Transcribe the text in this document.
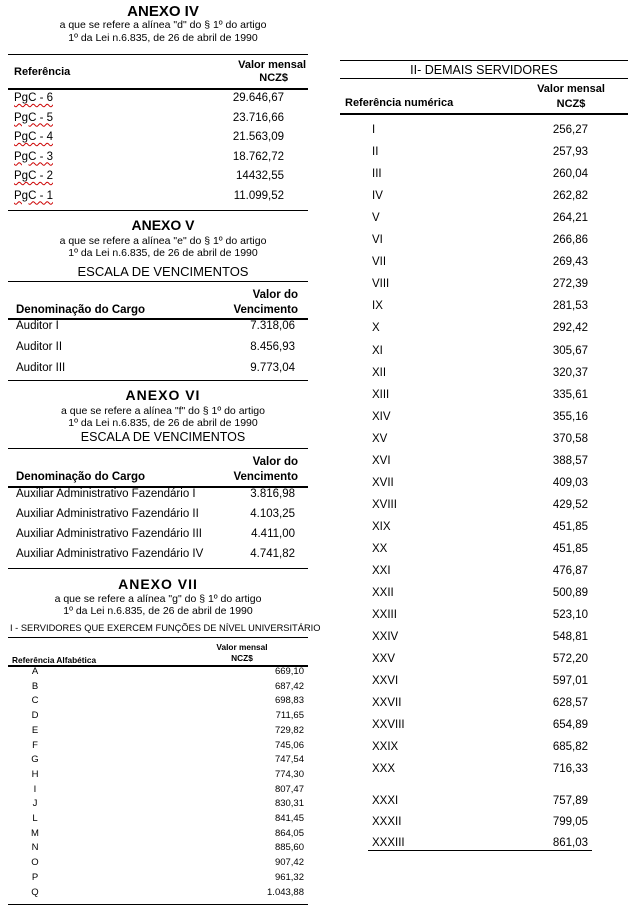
ANEXO IV
a que se refere a alínea "d" do § 1º do artigo
1º da Lei n.6.835, de 26 de abril de 1990
Referência
Valor mensal
NCZ$
PgC - 6	29.646,67
PgC - 5	23.716,66
PgC - 4	21.563,09
PgC - 3	18.762,72
PgC - 2	14432,55
PgC - 1	11.099,52
ANEXO V
a que se refere a alínea "e" do § 1º do artigo
1º da Lei n.6.835, de 26 de abril de 1990
ESCALA DE VENCIMENTOS
Denominação do Cargo
Valor do
Vencimento
Auditor I	7.318,06
Auditor II	8.456,93
Auditor III	9.773,04
ANEXO VI
a que se refere a alínea "f" do § 1º do artigo
1º da Lei n.6.835, de 26 de abril de 1990
ESCALA DE VENCIMENTOS
Denominação do Cargo
Valor do
Vencimento
Auxiliar Administrativo Fazendário I	3.816,98
Auxiliar Administrativo Fazendário II	4.103,25
Auxiliar Administrativo Fazendário III	4.411,00
Auxiliar Administrativo Fazendário IV	4.741,82
ANEXO VII
a que se refere a alínea "g" do § 1º do artigo
1º da Lei n.6.835, de 26 de abril de 1990
I - SERVIDORES QUE EXERCEM FUNÇÕES DE NÍVEL UNIVERSITÁRIO
Referência Alfabética
Valor mensal
NCZ$
A	669,10
B	687,42
C	698,83
D	711,65
E	729,82
F	745,06
G	747,54
H	774,30
I	807,47
J	830,31
L	841,45
M	864,05
N	885,60
O	907,42
P	961,32
Q	1.043,88
II- DEMAIS SERVIDORES
Referência numérica
Valor mensal
NCZ$
I	256,27
II	257,93
III	260,04
IV	262,82
V	264,21
VI	266,86
VII	269,43
VIII	272,39
IX	281,53
X	292,42
XI	305,67
XII	320,37
XIII	335,61
XIV	355,16
XV	370,58
XVI	388,57
XVII	409,03
XVIII	429,52
XIX	451,85
XX	451,85
XXI	476,87
XXII	500,89
XXIII	523,10
XXIV	548,81
XXV	572,20
XXVI	597,01
XXVII	628,57
XXVIII	654,89
XXIX	685,82
XXX	716,33
XXXI	757,89
XXXII	799,05
XXXIII	861,03
